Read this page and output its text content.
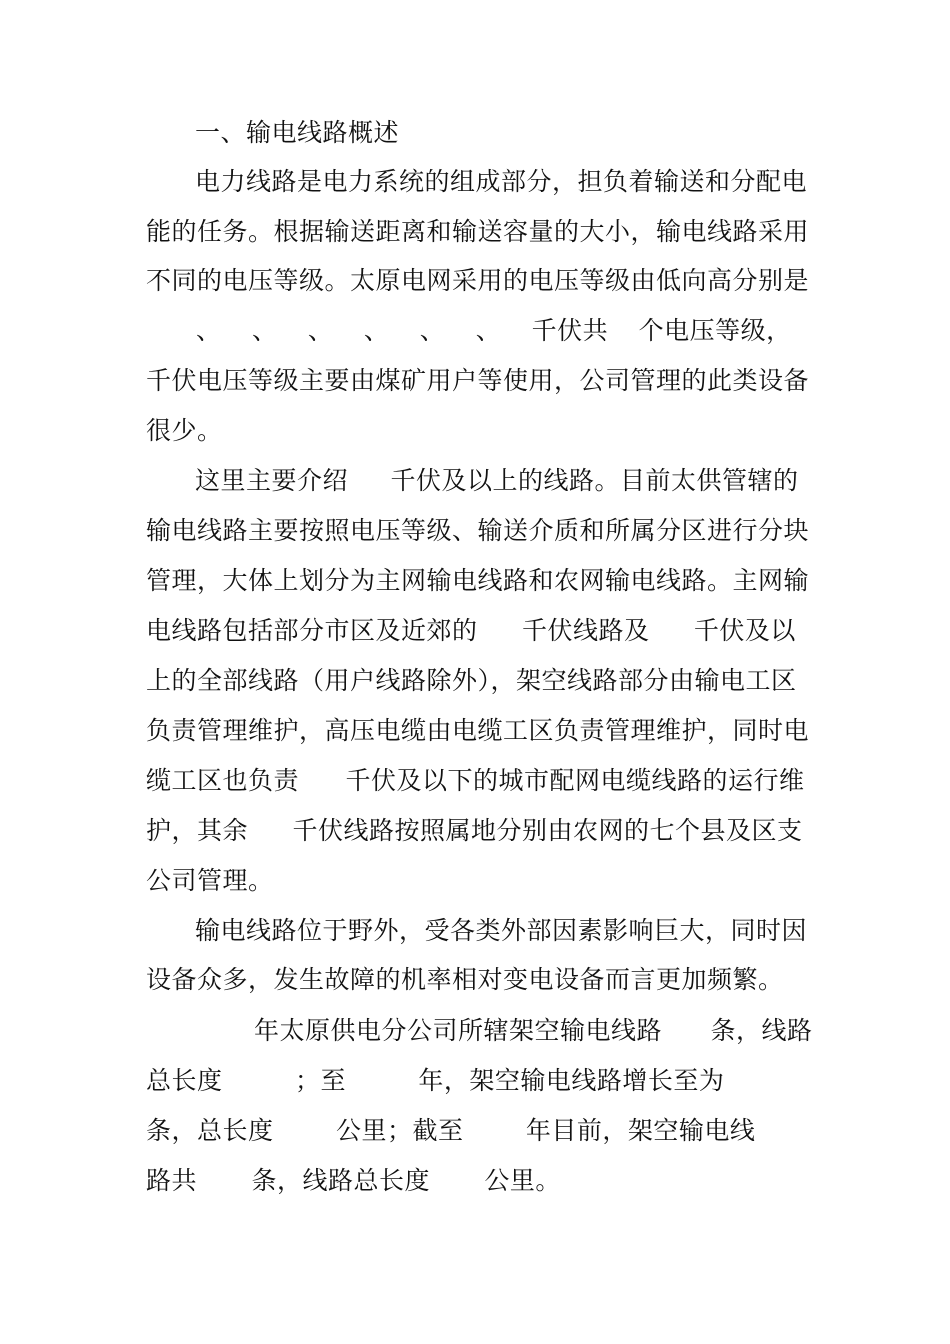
一、输电线路概述
电力线路是电力系统的组成部分，担负着输送和分配电
能的任务。根据输送距离和输送容量的大小，输电线路采用
不同的电压等级。太原电网采用的电压等级由低向高分别是
、 、 、 、 、 、 千伏共 个电压等级，
千伏电压等级主要由煤矿用户等使用，公司管理的此类设备
很少。
这里主要介绍 千伏及以上的线路。目前太供管辖的
输电线路主要按照电压等级、输送介质和所属分区进行分块
管理，大体上划分为主网输电线路和农网输电线路。主网输
电线路包括部分市区及近郊的 千伏线路及 千伏及以
上的全部线路（用户线路除外），架空线路部分由输电工区
负责管理维护，高压电缆由电缆工区负责管理维护，同时电
缆工区也负责 千伏及以下的城市配网电缆线路的运行维
护，其余 千伏线路按照属地分别由农网的七个县及区支
公司管理。
输电线路位于野外，受各类外部因素影响巨大，同时因
设备众多，发生故障的机率相对变电设备而言更加频繁。
年太原供电分公司所辖架空输电线路 条，线路
总长度 ；至 年，架空输电线路增长至为
条，总长度 公里；截至 年目前，架空输电线
路共 条，线路总长度 公里。
